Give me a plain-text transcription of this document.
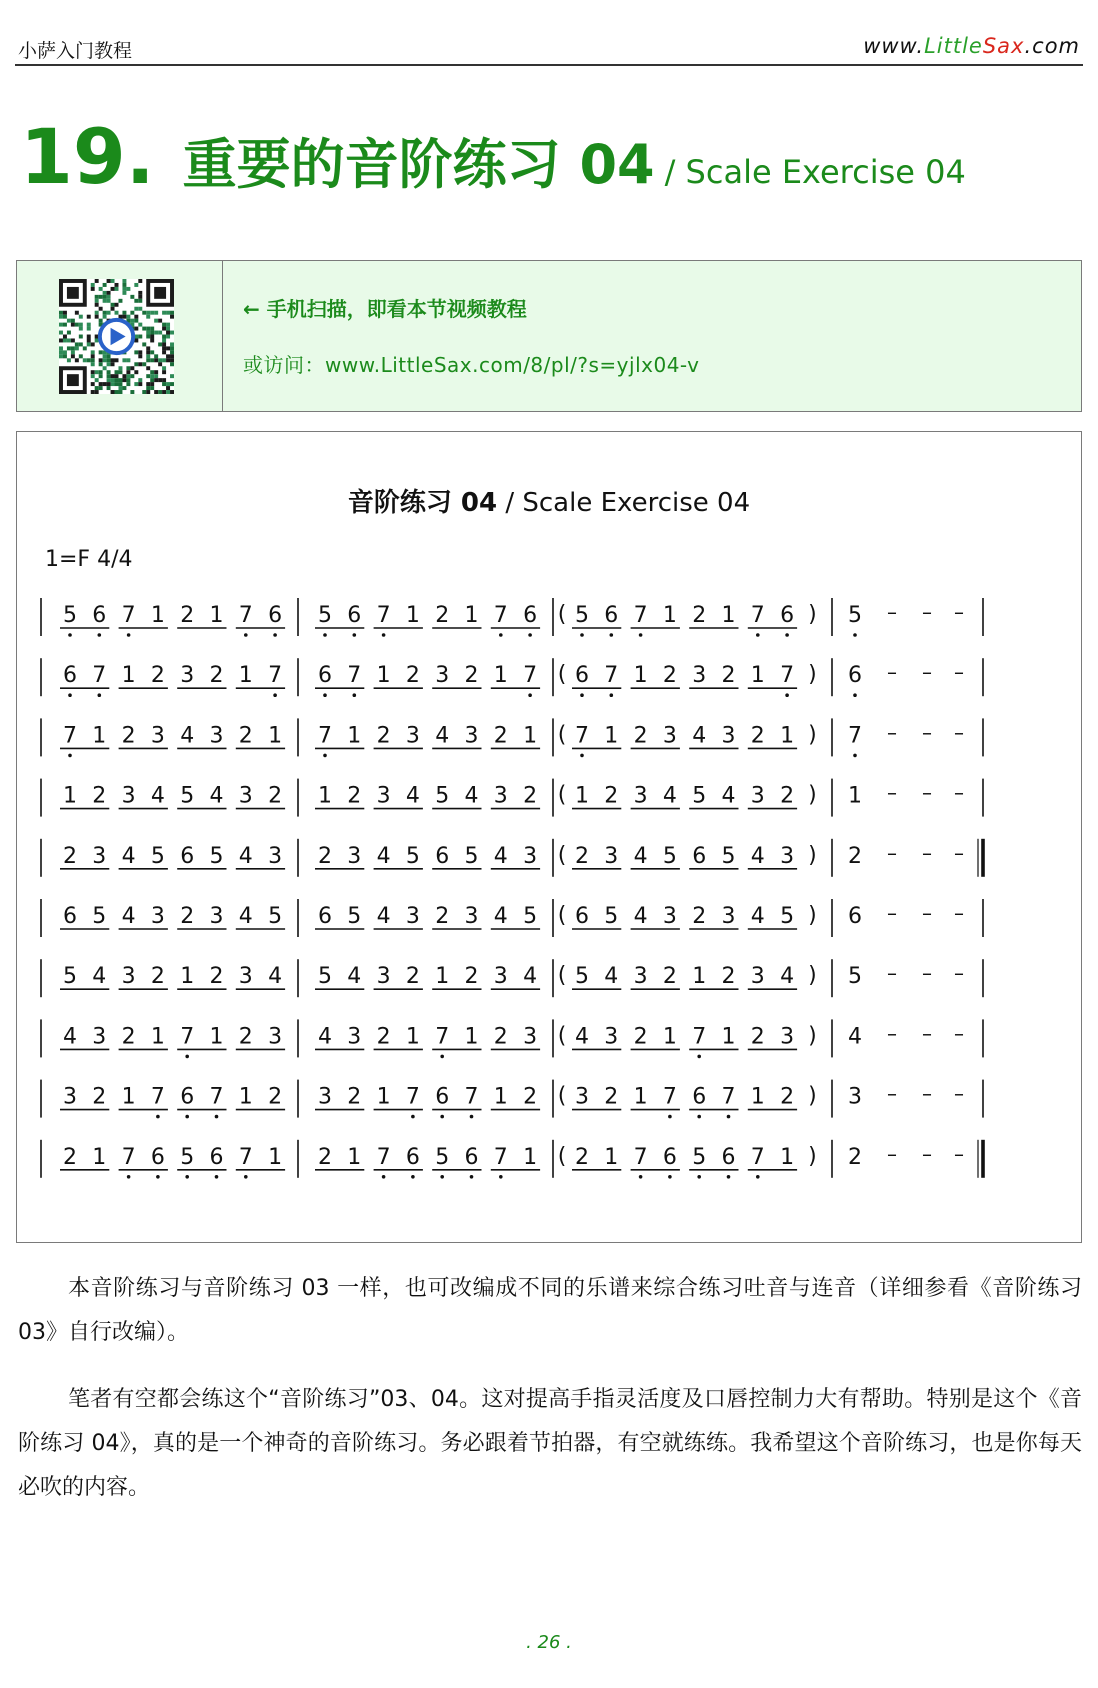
小萨入门教程	www.LittleSax.com
19. 重要的音阶练习 04 / Scale Exercise 04
← 手机扫描，即看本节视频教程
或访问：www.LittleSax.com/8/pl/?s=yjlx04-v
音阶练习 04 / Scale Exercise 04
1=F 4/4
5 6 7 1 2 1 7 6 5 6 7 1 2 1 7 6 ( 5 6 7 1 2 1 7 6 ) 5 – – –
6 7 1 2 3 2 1 7 6 7 1 2 3 2 1 7 ( 6 7 1 2 3 2 1 7 ) 6 – – –
7 1 2 3 4 3 2 1 7 1 2 3 4 3 2 1 ( 7 1 2 3 4 3 2 1 ) 7 – – –
1 2 3 4 5 4 3 2 1 2 3 4 5 4 3 2 ( 1 2 3 4 5 4 3 2 ) 1 – – –
2 3 4 5 6 5 4 3 2 3 4 5 6 5 4 3 ( 2 3 4 5 6 5 4 3 ) 2 – – –
6 5 4 3 2 3 4 5 6 5 4 3 2 3 4 5 ( 6 5 4 3 2 3 4 5 ) 6 – – –
5 4 3 2 1 2 3 4 5 4 3 2 1 2 3 4 ( 5 4 3 2 1 2 3 4 ) 5 – – –
4 3 2 1 7 1 2 3 4 3 2 1 7 1 2 3 ( 4 3 2 1 7 1 2 3 ) 4 – – –
3 2 1 7 6 7 1 2 3 2 1 7 6 7 1 2 ( 3 2 1 7 6 7 1 2 ) 3 – – –
2 1 7 6 5 6 7 1 2 1 7 6 5 6 7 1 ( 2 1 7 6 5 6 7 1 ) 2 – – –
本音阶练习与音阶练习 03 一样，也可改编成不同的乐谱来综合练习吐音与连音（详细参看《音阶练习 03》自行改编）。
笔者有空都会练这个“音阶练习”03、04。这对提高手指灵活度及口唇控制力大有帮助。特别是这个《音阶练习 04》，真的是一个神奇的音阶练习。务必跟着节拍器，有空就练练。我希望这个音阶练习，也是你每天必吹的内容。
. 26 .
